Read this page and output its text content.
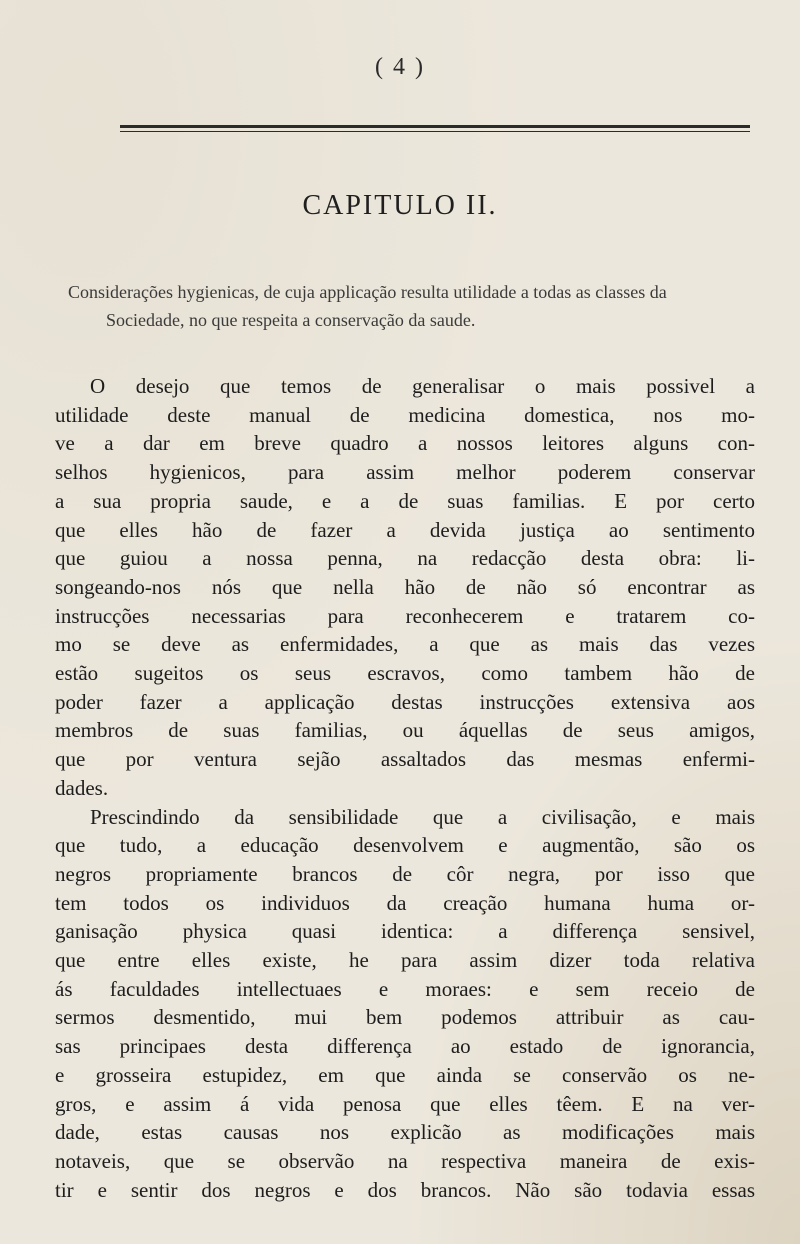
( 4 )
CAPITULO II.
Considerações hygienicas, de cuja applicação resulta utilidade a todas as classes da
Sociedade, no que respeita a conservação da saude.
O desejo que temos de generalisar o mais possivel a
utilidade deste manual de medicina domestica, nos mo-
ve a dar em breve quadro a nossos leitores alguns con-
selhos hygienicos, para assim melhor poderem conservar
a sua propria saude, e a de suas familias. E por certo
que elles hão de fazer a devida justiça ao sentimento
que guiou a nossa penna, na redacção desta obra: li-
songeando-nos nós que nella hão de não só encontrar as
instrucções necessarias para reconhecerem e tratarem co-
mo se deve as enfermidades, a que as mais das vezes
estão sugeitos os seus escravos, como tambem hão de
poder fazer a applicação destas instrucções extensiva aos
membros de suas familias, ou áquellas de seus amigos,
que por ventura sejão assaltados das mesmas enfermi-
dades.
Prescindindo da sensibilidade que a civilisação, e mais
que tudo, a educação desenvolvem e augmentão, são os
negros propriamente brancos de côr negra, por isso que
tem todos os individuos da creação humana huma or-
ganisação physica quasi identica: a differença sensivel,
que entre elles existe, he para assim dizer toda relativa
ás faculdades intellectuaes e moraes: e sem receio de
sermos desmentido, mui bem podemos attribuir as cau-
sas principaes desta differença ao estado de ignorancia,
e grosseira estupidez, em que ainda se conservão os ne-
gros, e assim á vida penosa que elles têem. E na ver-
dade, estas causas nos explicão as modificações mais
notaveis, que se observão na respectiva maneira de exis-
tir e sentir dos negros e dos brancos. Não são todavia essas
